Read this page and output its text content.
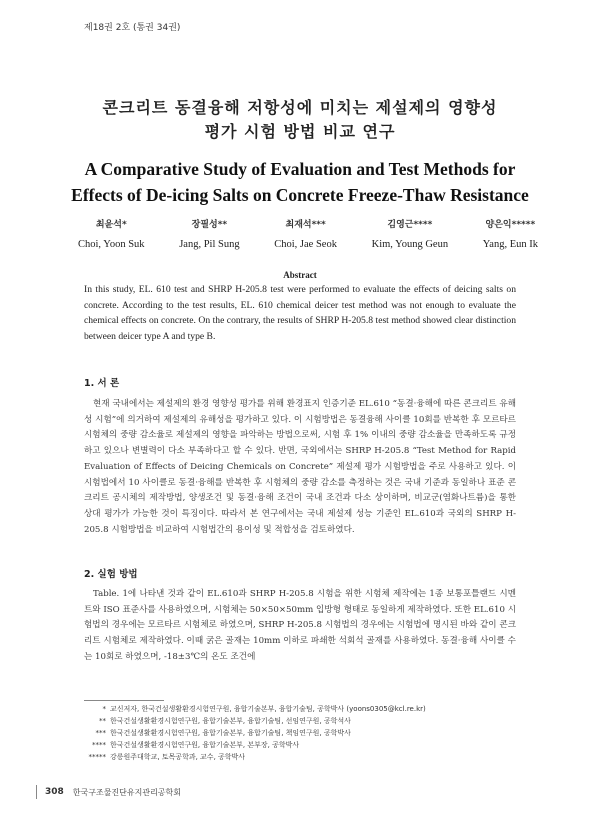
제18권 2호 (통권 34권)
콘크리트 동결융해 저항성에 미치는 제설제의 영향성
평가 시험 방법 비교 연구
A Comparative Study of Evaluation and Test Methods for
Effects of De-icing Salts on Concrete Freeze-Thaw Resistance
최윤석*
Choi, Yoon Suk
장필성**
Jang, Pil Sung
최재석***
Choi, Jae Seok
김영근****
Kim, Young Geun
양은익*****
Yang, Eun Ik
Abstract
In this study, EL. 610 test and SHRP H-205.8 test were performed to evaluate the effects of deicing salts on concrete. According to the test results, EL. 610 chemical deicer test method was not enough to evaluate the chemical effects on concrete. On the contrary, the results of SHRP H-205.8 test method showed clear distinction between deicer type A and type B.
1. 서 론
현재 국내에서는 제설제의 환경 영향성 평가를 위해 환경표지 인증기준 EL.610 “동결·융해에 따른 콘크리트 유해성 시험”에 의거하여 제설제의 유해성을 평가하고 있다. 이 시험방법은 동결융해 사이클 10회를 반복한 후 모르타르 시험체의 중량 감소율로 제설제의 영향을 파악하는 방법으로써, 시험 후 1% 이내의 중량 감소율을 만족하도록 규정하고 있으나 변별력이 다소 부족하다고 할 수 있다. 반면, 국외에서는 SHRP H-205.8 “Test Method for Rapid Evaluation of Effects of Deicing Chemicals on Concrete” 제설제 평가 시험방법을 주로 사용하고 있다. 이 시험법에서 10 사이클로 동결·융해를 반복한 후 시험체의 중량 감소를 측정하는 것은 국내 기준과 동일하나 표준 콘크리트 공시체의 제작방법, 양생조건 및 동결·융해 조건이 국내 조건과 다소 상이하며, 비교군(염화나트륨)을 통한 상대 평가가 가능한 것이 특징이다. 따라서 본 연구에서는 국내 제설제 성능 기준인 EL.610과 국외의 SHRP H-205.8 시험방법을 비교하여 시험법간의 용이성 및 적합성을 검토하였다.
2. 실험 방법
Table. 1에 나타낸 것과 같이 EL.610과 SHRP H-205.8 시험을 위한 시험체 제작에는 1종 보통포틀랜드 시멘트와 ISO 표준사를 사용하였으며, 시험체는 50×50×50mm 입방형 형태로 동일하게 제작하였다. 또한 EL.610 시험법의 경우에는 모르타르 시험체로 하였으며, SHRP H-205.8 시험법의 경우에는 시험법에 명시된 바와 같이 콘크리트 시험체로 제작하였다. 이때 굵은 골재는 10mm 이하로 파쇄한 석회석 골재를 사용하였다. 동결·융해 사이클 수는 10회로 하였으며, -18±3℃의 온도 조건에
* 교신저자, 한국건설생활환경시험연구원, 융합기술본부, 융합기술팀, 공학박사 (yoons0305@kcl.re.kr)
** 한국건설생활환경시험연구원, 융합기술본부, 융합기술팀, 선임연구원, 공학석사
*** 한국건설생활환경시험연구원, 융합기술본부, 융합기술팀, 책임연구원, 공학박사
**** 한국건설생활환경시험연구원, 융합기술본부, 본부장, 공학박사
***** 강릉원주대학교, 토목공학과, 교수, 공학박사
308 한국구조물진단유지관리공학회
